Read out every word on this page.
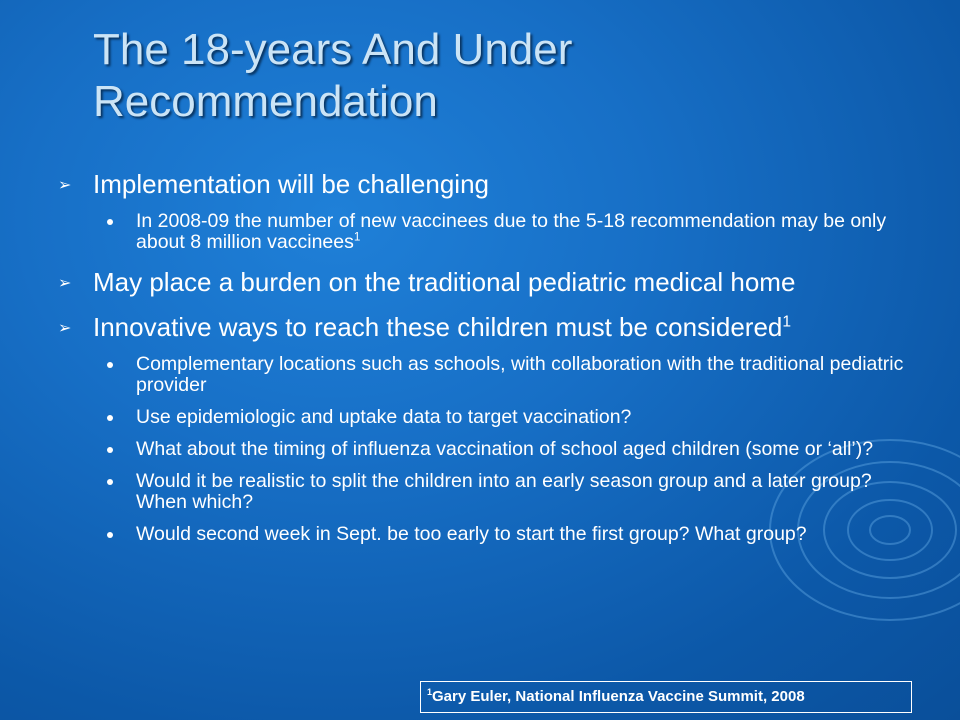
The 18-years And Under
Recommendation
➢ Implementation will be challenging
In 2008-09 the number of new vaccinees due to the 5-18 recommendation may be only about 8 million vaccinees$^1$
➢ May place a burden on the traditional pediatric medical home
➢ Innovative ways to reach these children must be considered$^1$
Complementary locations such as schools, with collaboration with the traditional pediatric provider
Use epidemiologic and uptake data to target vaccination?
What about the timing of influenza vaccination of school aged children (some or ‘all’)?
Would it be realistic to split the children into an early season group and a later group? When which?
Would second week in Sept. be too early to start the first group? What group?
$^1$Gary Euler, National Influenza Vaccine Summit, 2008
